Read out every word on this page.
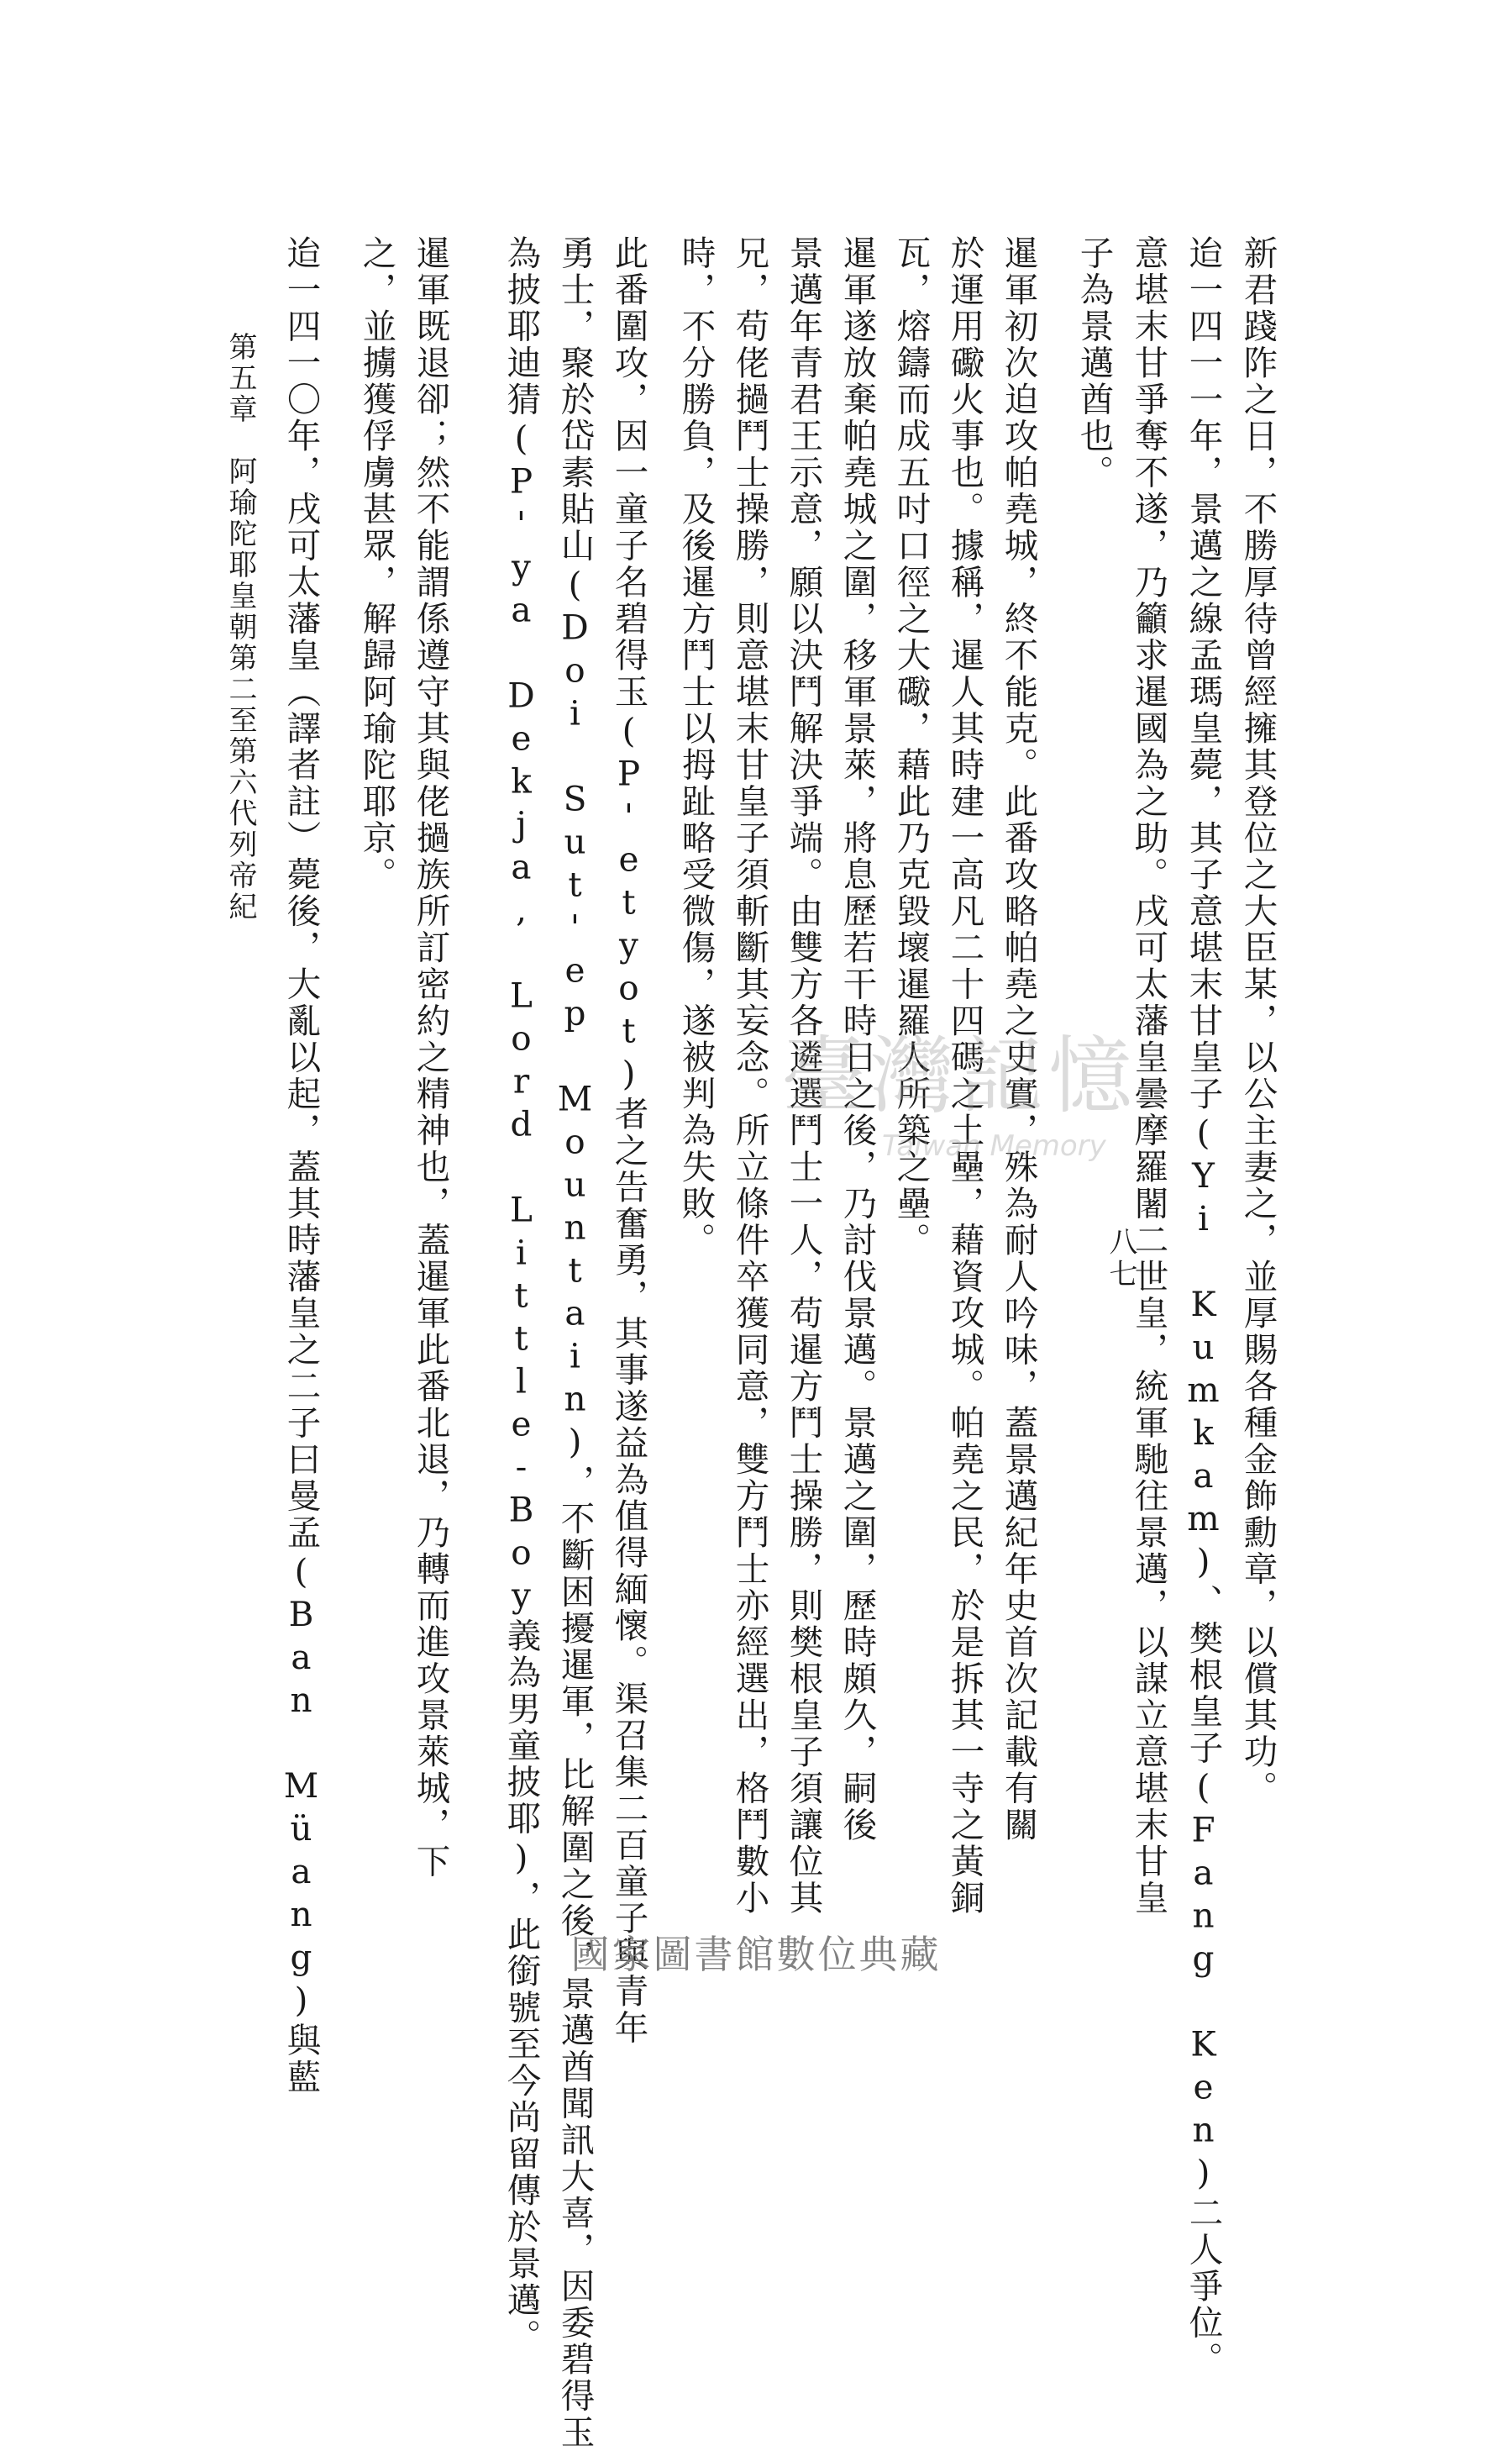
子為景邁酋也。 意堪末甘爭奪不遂，乃籲求暹國為之助。戌可太藩皇曇摩羅闍二世皇，統軍馳往景邁，以謀立意堪末甘皇 迨一四一一年，景邁之線孟瑪皇薨，其子意堪末甘皇子(Yi Kumkam)、樊根皇子(Fang Ken)二人爭位。 新君踐阼之日，不勝厚待曾經擁其登位之大臣某，以公主妻之，並厚賜各種金飾勳章，以償其功。
於運用礮火事也。據稱，暹人其時建一高凡二十四碼之土壘，藉資攻城。帕堯之民，於是拆其一寺之黃銅 暹軍初次迫攻帕堯城，終不能克。此番攻略帕堯之史實，殊為耐人吟味，蓋景邁紀年史首次記載有關
瓦，熔鑄而成五吋口徑之大礮，藉此乃克毀壞暹羅人所築之壘。
暹軍遂放棄帕堯城之圍，移軍景萊，將息歷若干時日之後，乃討伐景邁。景邁之圍，歷時頗久，嗣後
景邁年青君王示意，願以決鬥解決爭端。由雙方各遴選鬥士一人，苟暹方鬥士操勝，則樊根皇子須讓位其
兄，苟佬撾鬥士操勝，則意堪末甘皇子須斬斷其妄念。所立條件卒獲同意，雙方鬥士亦經選出，格鬥數小
時，不分勝負，及後暹方鬥士以拇趾略受微傷，遂被判為失敗。
此番圍攻，因一童子名碧得玉(P'etyot)者之告奮勇，其事遂益為值得緬懷。渠召集二百童子與青年
勇士，聚於岱素貼山(Doi Sut'ep Mountain)，不斷困擾暹軍，比解圍之後，景邁酋聞訊大喜，因委碧得玉
為披耶迪猜(P'ya Dekja, Lord Little-Boy義為男童披耶)，此銜號至今尚留傳於景邁。
暹軍既退卻；然不能謂係遵守其與佬撾族所訂密約之精神也，蓋暹軍此番北退，乃轉而進攻景萊城，下
之，並擄獲俘虜甚眾，解歸阿瑜陀耶京。
迨一四一〇年，戌可太藩皇（譯者註）薨後，大亂以起，蓋其時藩皇之二子曰曼孟(Ban Müang)與藍
第五章　阿瑜陀耶皇朝第二至第六代列帝紀
八七
臺灣記憶
Taiwan Memory
國家圖書館數位典藏
